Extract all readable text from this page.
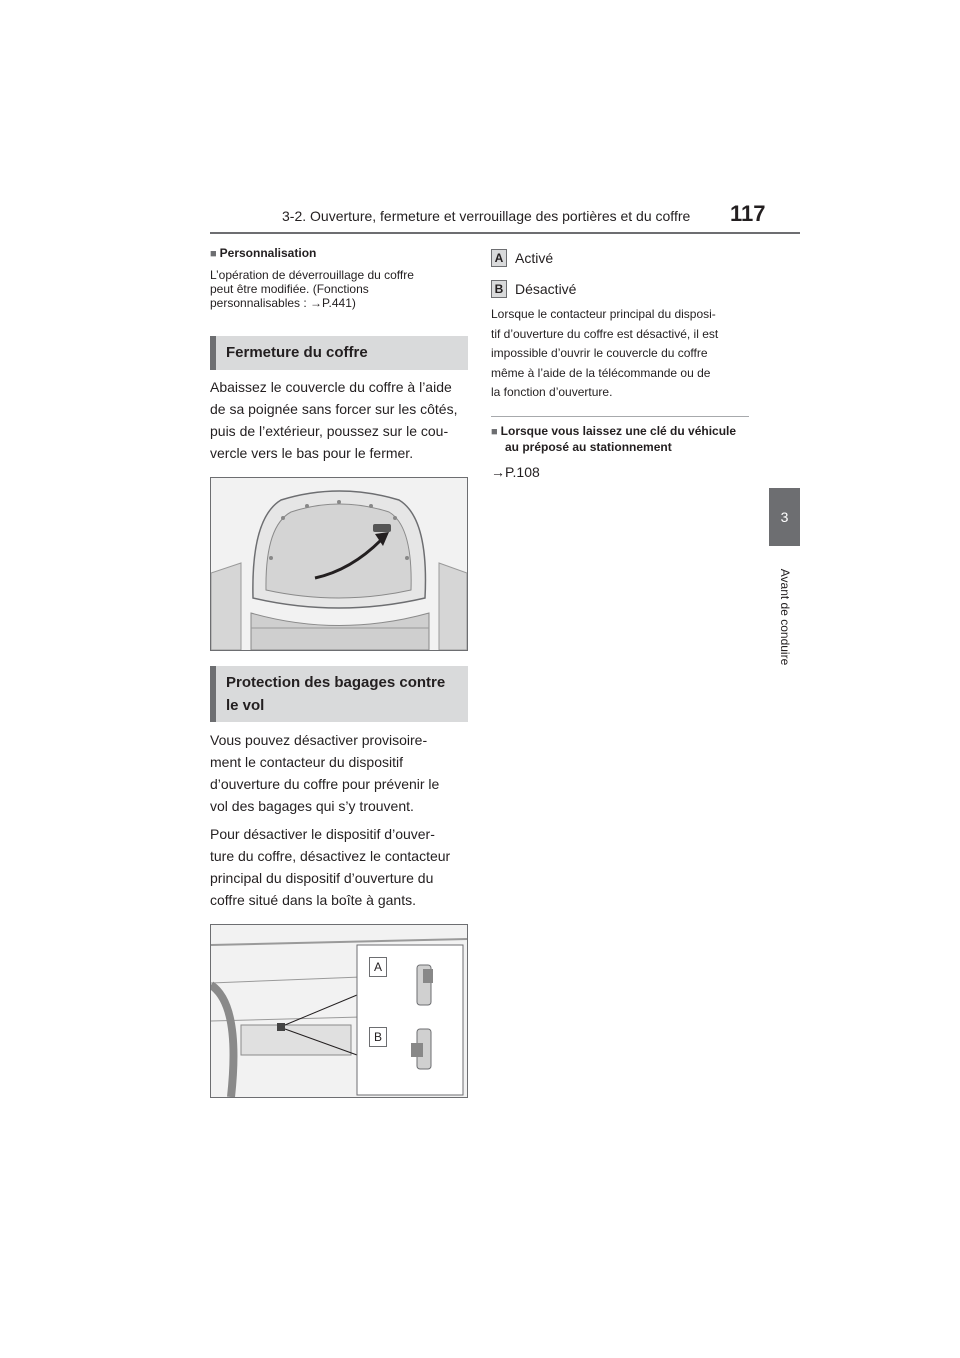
3-2. Ouverture, fermeture et verrouillage des portières et du coffre 117
3
Avant de conduire
■ Personnalisation
L’opération de déverrouillage du coffre
peut être modifiée. (Fonctions
personnalisables : →P.441)
Fermeture du coffre
Abaissez le couvercle du coffre à l’aide
de sa poignée sans forcer sur les côtés,
puis de l’extérieur, poussez sur le cou-
vercle vers le bas pour le fermer.
Protection des bagages contre
le vol
Vous pouvez désactiver provisoire-
ment le contacteur du dispositif
d’ouverture du coffre pour prévenir le
vol des bagages qui s’y trouvent.
Pour désactiver le dispositif d’ouver-
ture du coffre, désactivez le contacteur
principal du dispositif d’ouverture du
coffre situé dans la boîte à gants.
A
B
A Activé
B Désactivé
Lorsque le contacteur principal du disposi-
tif d’ouverture du coffre est désactivé, il est
impossible d’ouvrir le couvercle du coffre
même à l’aide de la télécommande ou de
la fonction d’ouverture.
■ Lorsque vous laissez une clé du véhicule
au préposé au stationnement
→P.108
